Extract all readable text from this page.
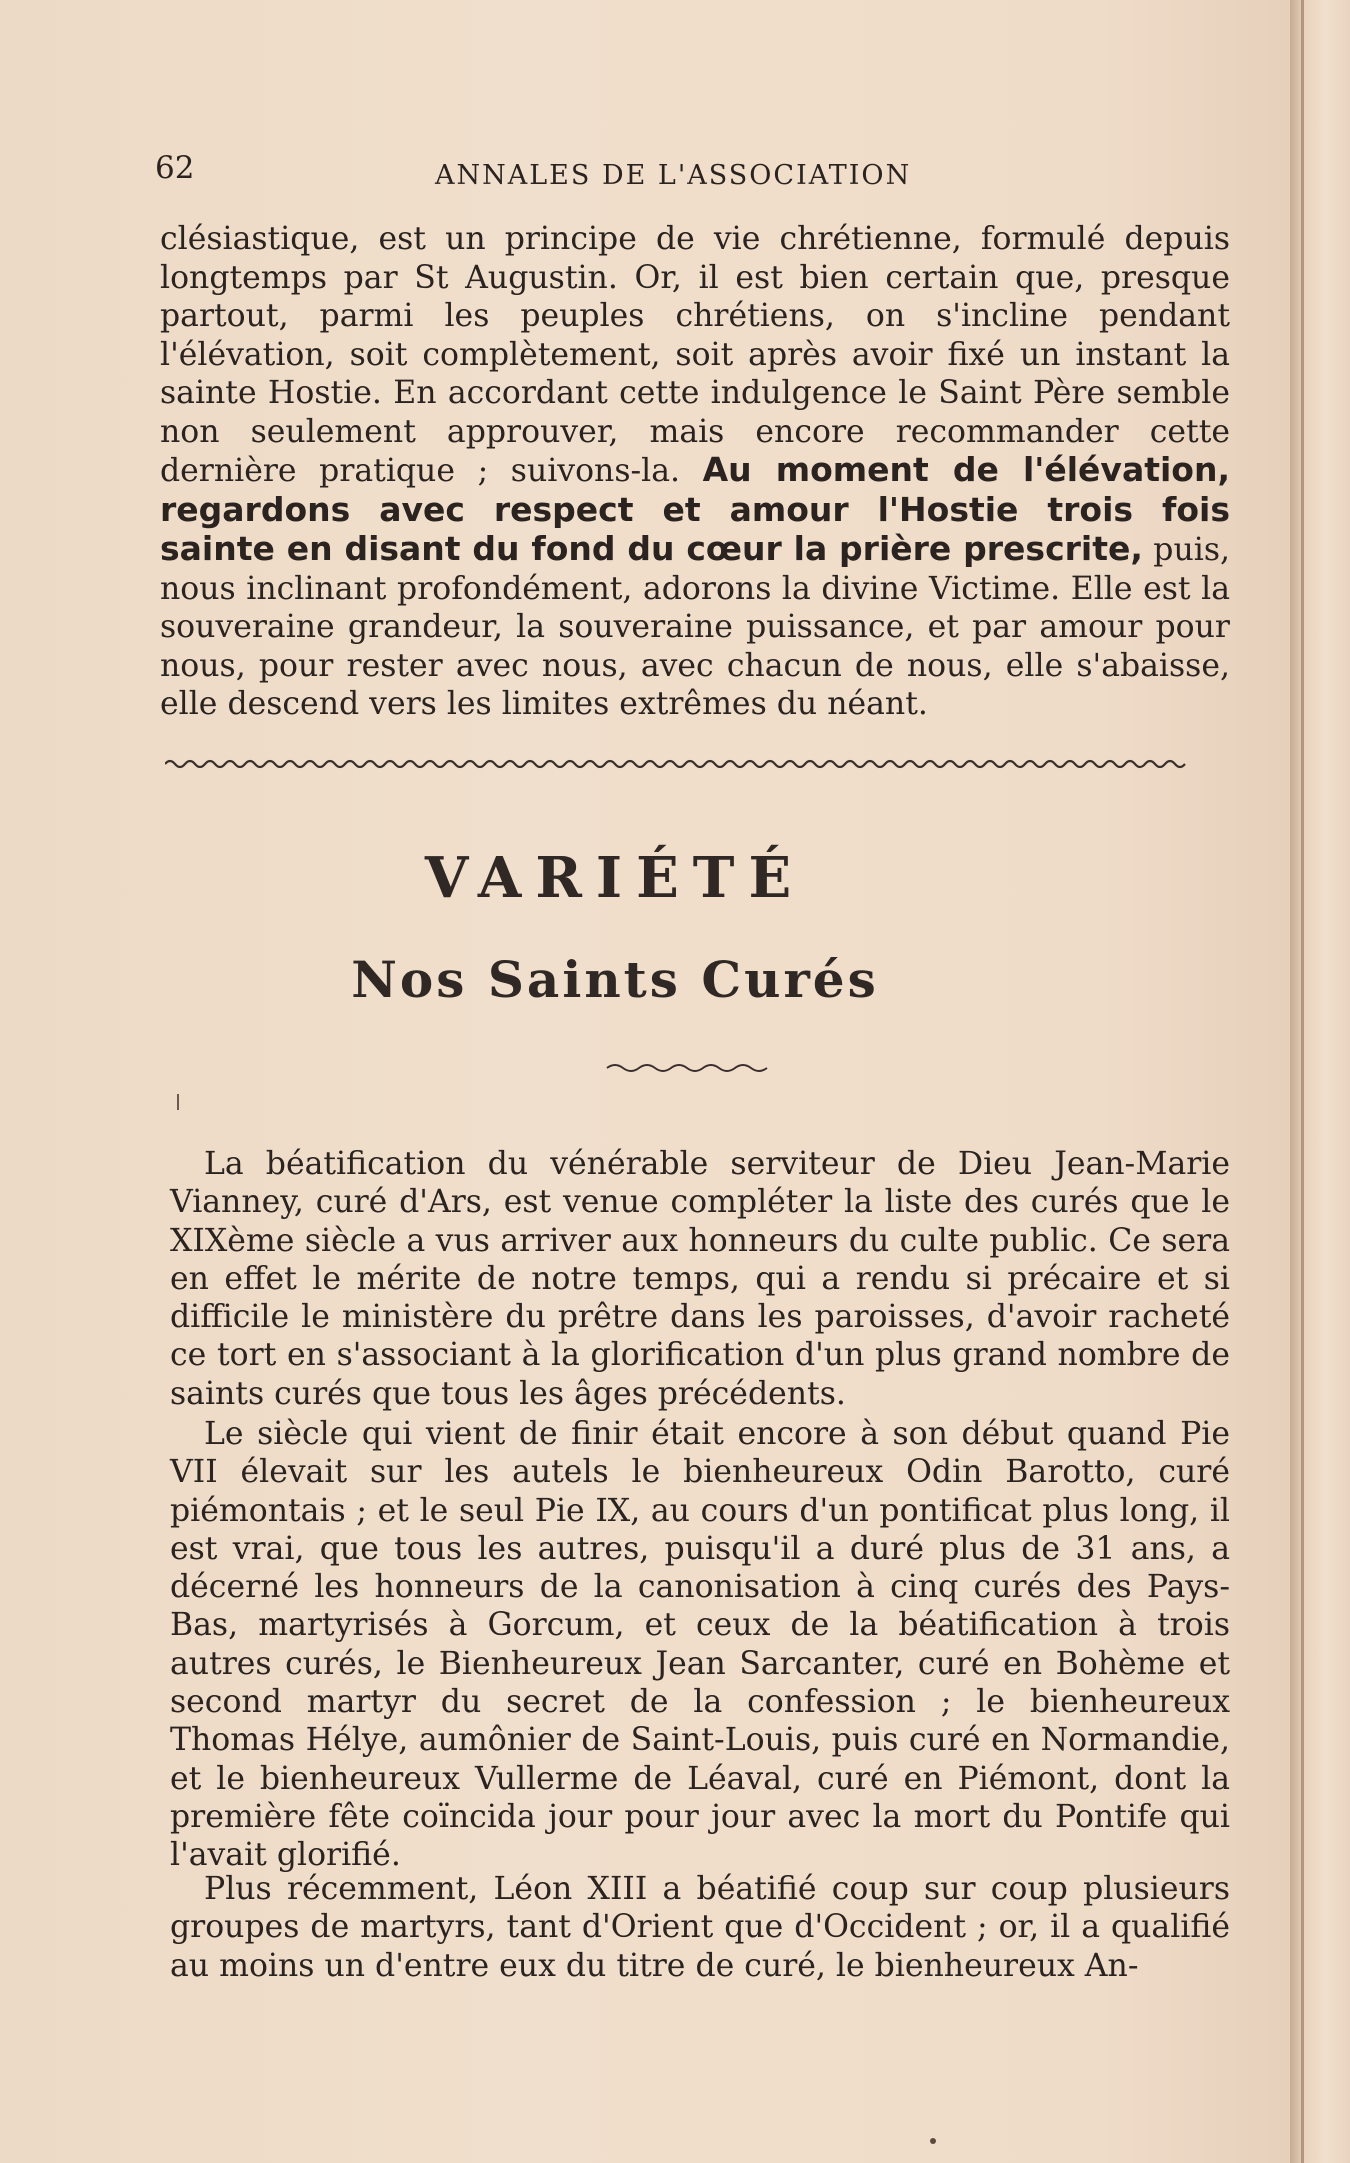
62	ANNALES DE L'ASSOCIATION
clésiastique, est un principe de vie chrétienne, formulé depuis longtemps par St Augustin. Or, il est bien certain que, presque partout, parmi les peuples chrétiens, on s'incline pendant l'élévation, soit complètement, soit après avoir fixé un instant la sainte Hostie. En accordant cette indulgence le Saint Père semble non seulement approuver, mais encore recommander cette dernière pratique ; suivons-la. Au moment de l'élévation, regardons avec respect et amour l'Hostie trois fois sainte en disant du fond du cœur la prière prescrite, puis, nous inclinant profondément, adorons la divine Victime. Elle est la souveraine grandeur, la souveraine puissance, et par amour pour nous, pour rester avec nous, avec chacun de nous, elle s'abaisse, elle descend vers les limites extrêmes du néant.
VARIÉTÉ
Nos Saints Curés

La béatification du vénérable serviteur de Dieu Jean-Marie Vianney, curé d'Ars, est venue compléter la liste des curés que le XIXème siècle a vus arriver aux honneurs du culte public. Ce sera en effet le mérite de notre temps, qui a rendu si précaire et si difficile le ministère du prêtre dans les paroisses, d'avoir racheté ce tort en s'associant à la glorification d'un plus grand nombre de saints curés que tous les âges précédents.

Le siècle qui vient de finir était encore à son début quand Pie VII élevait sur les autels le bienheureux Odin Barotto, curé piémontais ; et le seul Pie IX, au cours d'un pontificat plus long, il est vrai, que tous les autres, puisqu'il a duré plus de 31 ans, a décerné les honneurs de la canonisation à cinq curés des Pays-Bas, martyrisés à Gorcum, et ceux de la béatification à trois autres curés, le Bienheureux Jean Sarcanter, curé en Bohème et second martyr du secret de la confession ; le bienheureux Thomas Hélye, aumônier de Saint-Louis, puis curé en Normandie, et le bienheureux Vullerme de Léaval, curé en Piémont, dont la première fête coïncida jour pour jour avec la mort du Pontife qui l'avait glorifié.

Plus récemment, Léon XIII a béatifié coup sur coup plusieurs groupes de martyrs, tant d'Orient que d'Occident ; or, il a qualifié au moins un d'entre eux du titre de curé, le bienheureux An-
